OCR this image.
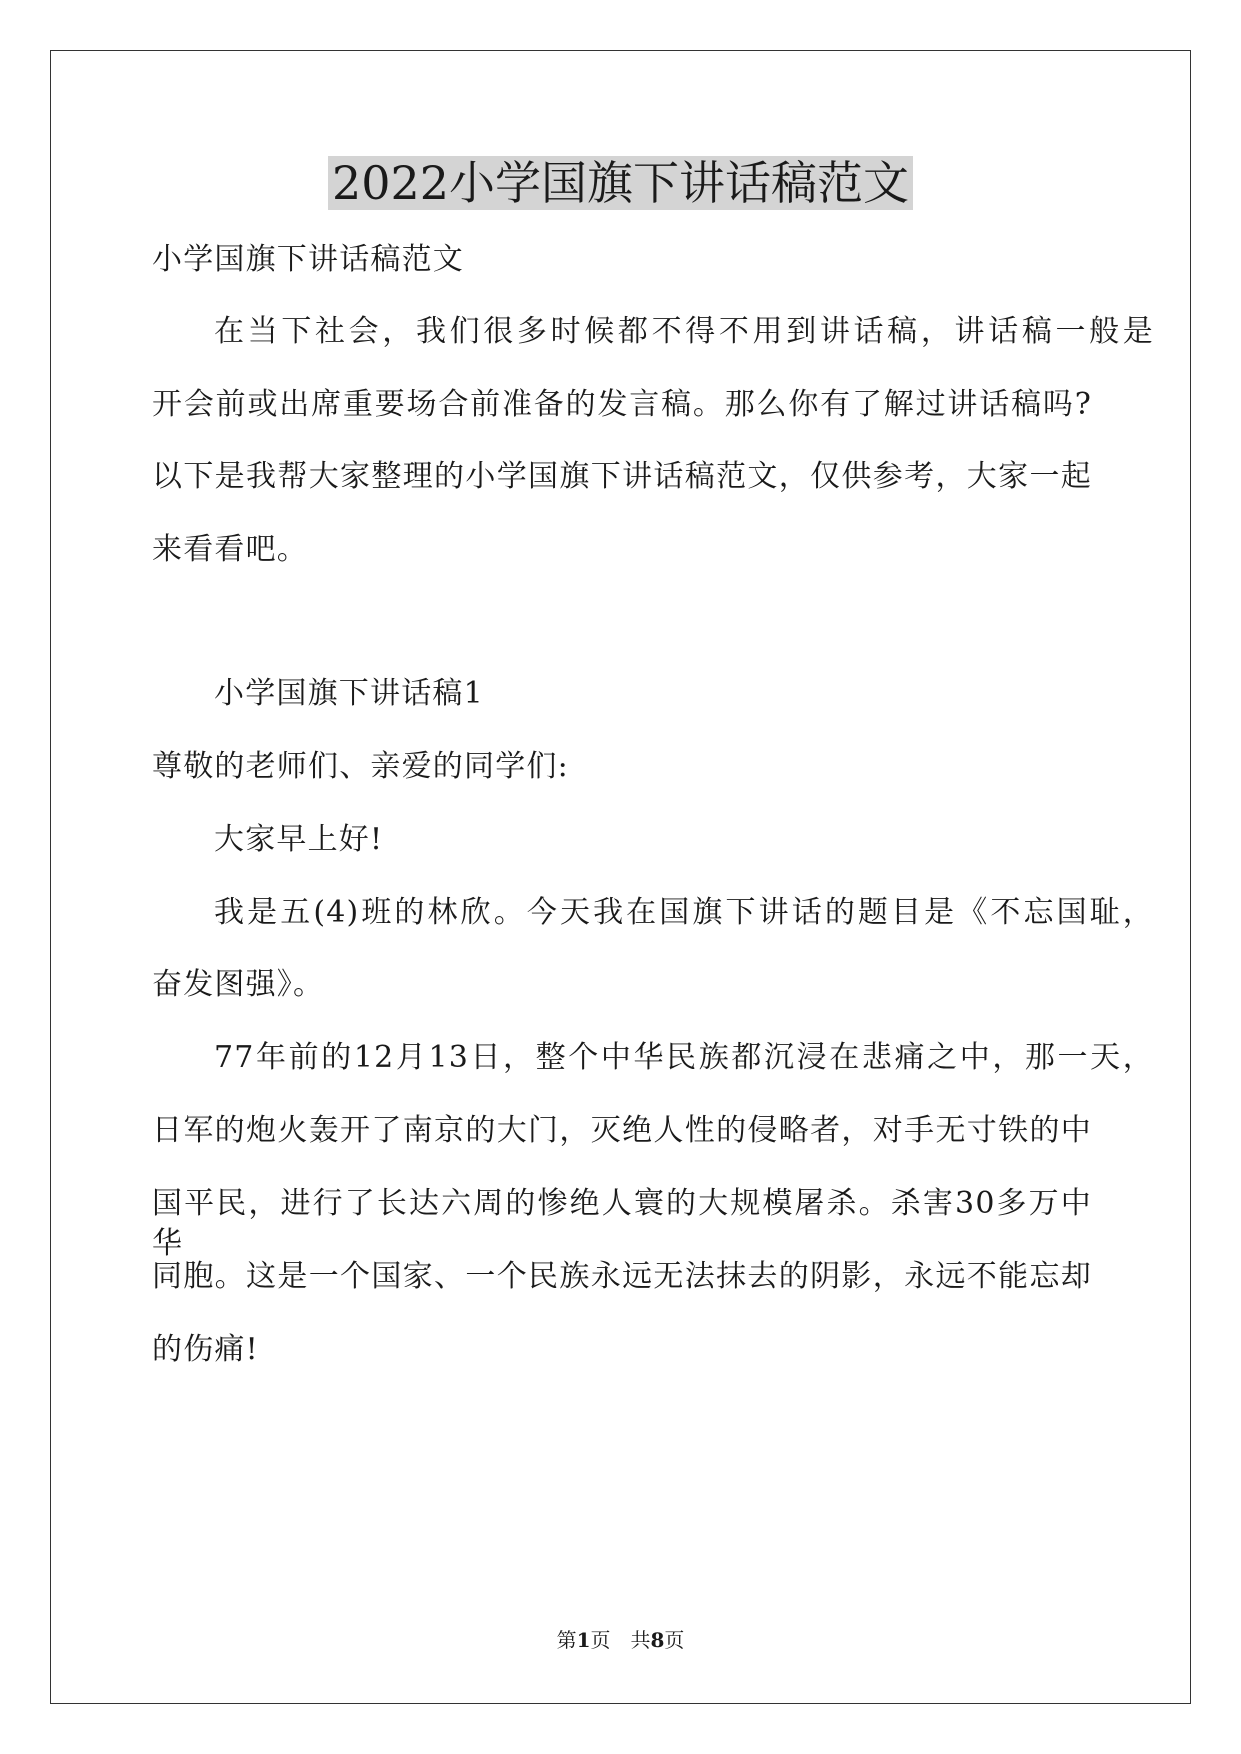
2022小学国旗下讲话稿范文

小学国旗下讲话稿范文

在当下社会，我们很多时候都不得不用到讲话稿，讲话稿一般是

开会前或出席重要场合前准备的发言稿。那么你有了解过讲话稿吗?

以下是我帮大家整理的小学国旗下讲话稿范文，仅供参考，大家一起

来看看吧。

小学国旗下讲话稿1

尊敬的老师们、亲爱的同学们:

大家早上好!

我是五(4)班的林欣。今天我在国旗下讲话的题目是《不忘国耻，

奋发图强》。

77年前的12月13日，整个中华民族都沉浸在悲痛之中，那一天，

日军的炮火轰开了南京的大门，灭绝人性的侵略者，对手无寸铁的中

国平民，进行了长达六周的惨绝人寰的大规模屠杀。杀害30多万中华

同胞。这是一个国家、一个民族永远无法抹去的阴影，永远不能忘却

的伤痛!

第1页　共8页
